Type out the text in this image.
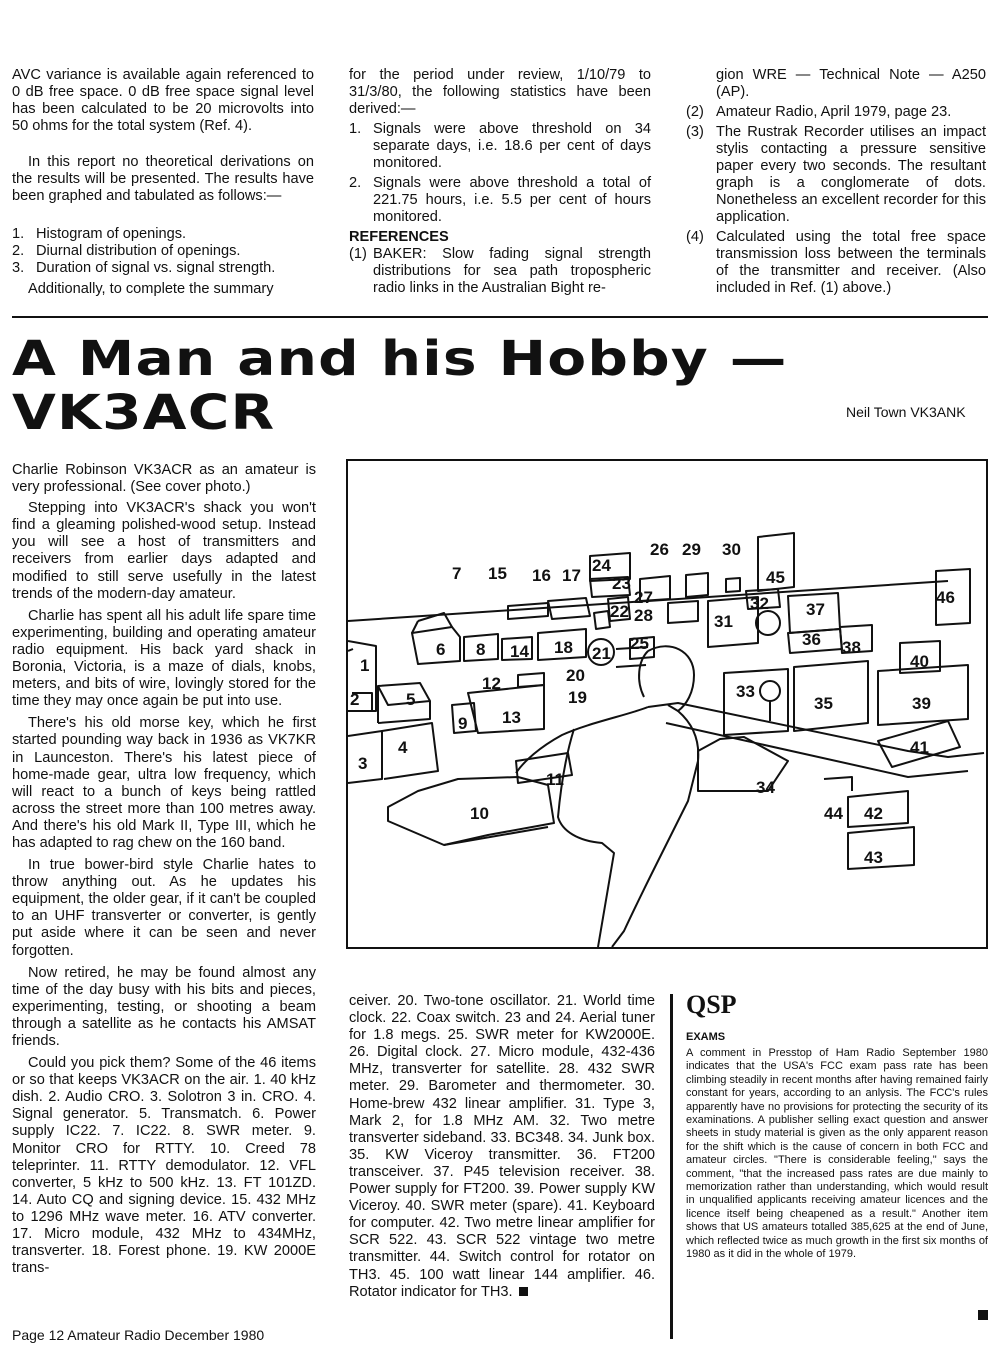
AVC variance is available again referenced to 0 dB free space. 0 dB free space signal level has been calculated to be 20 microvolts into 50 ohms for the total system (Ref. 4).

In this report no theoretical derivations on the results will be presented. The results have been graphed and tabulated as follows:—

1. Histogram of openings.
2. Diurnal distribution of openings.
3. Duration of signal vs. signal strength.

Additionally, to complete the summary

for the period under review, 1/10/79 to 31/3/80, the following statistics have been derived:—

1. Signals were above threshold on 34 separate days, i.e. 18.6 per cent of days monitored.
2. Signals were above threshold a total of 221.75 hours, i.e. 5.5 per cent of hours monitored.
REFERENCES
(1) BAKER: Slow fading signal strength distributions for sea path tropospheric radio links in the Australian Bight re-

gion WRE — Technical Note — A250 (AP).

(2) Amateur Radio, April 1979, page 23.
(3) The Rustrak Recorder utilises an impact stylis contacting a pressure sensitive paper every two seconds. The resultant graph is a conglomerate of dots. Nonetheless an excellent recorder for this application.
(4) Calculated using the total free space transmission loss between the terminals of the transmitter and receiver. (Also included in Ref. (1) above.)
A Man and his Hobby —
VK3ACR	Neil Town VK3ANK

Charlie Robinson VK3ACR as an amateur is very professional. (See cover photo.)

Stepping into VK3ACR's shack you won't find a gleaming polished-wood setup. Instead you will see a host of transmitters and receivers from earlier days adapted and modified to still serve usefully in the latest trends of the modern-day amateur.

Charlie has spent all his adult life spare time experimenting, building and operating amateur radio equipment. His back yard shack in Boronia, Victoria, is a maze of dials, knobs, meters, and bits of wire, lovingly stored for the time they may once again be put into use.

There's his old morse key, which he first started pounding way back in 1936 as VK7KR in Launceston. There's his latest piece of home-made gear, ultra low frequency, which will react to a bunch of keys being rattled across the street more than 100 metres away. And there's his old Mark II, Type III, which he has adapted to rag chew on the 160 band.

In true bower-bird style Charlie hates to throw anything out. As he updates his equipment, the older gear, if it can't be coupled to an UHF transverter or converter, is gently put aside where it can be seen and never forgotten.

Now retired, he may be found almost any time of the day busy with his bits and pieces, experimenting, testing, or shooting a beam through a satellite as he contacts his AMSAT friends.

Could you pick them? Some of the 46 items or so that keeps VK3ACR on the air. 1. 40 kHz dish. 2. Audio CRO. 3. Solotron 3 in. CRO. 4. Signal generator. 5. Transmatch. 6. Power supply IC22. 7. IC22. 8. SWR meter. 9. Monitor CRO for RTTY. 10. Creed 78 teleprinter. 11. RTTY demodulator. 12. VFL converter, 5 kHz to 500 kHz. 13. FT 101ZD. 14. Auto CQ and signing device. 15. 432 MHz to 1296 MHz wave meter. 16. ATV converter. 17. Micro module, 432 MHz to 434MHz, transverter. 18. Forest phone. 19. KW 2000E trans-

ceiver. 20. Two-tone oscillator. 21. World time clock. 22. Coax switch. 23 and 24. Aerial tuner for 1.8 megs. 25. SWR meter for KW2000E. 26. Digital clock. 27. Micro module, 432-436 MHz, transverter for satellite. 28. 432 SWR meter. 29. Barometer and thermometer. 30. Home-brew 432 linear amplifier. 31. Type 3, Mark 2, for 1.8 MHz AM. 32. Two metre transverter sideband. 33. BC348. 34. Junk box. 35. KW Viceroy transmitter. 36. FT200 transceiver. 37. P45 television receiver. 38. Power supply for FT200. 39. Power supply KW Viceroy. 40. SWR meter (spare). 41. Keyboard for computer. 42. Two metre linear amplifier for SCR 522. 43. SCR 522 vintage two metre transmitter. 44. Switch control for rotator on TH3. 45. 100 watt linear 144 amplifier. 46. Rotator indicator for TH3.

1
2
3
4
5
6
7
8
9
10
11
12
13
14
15 16 17
18
19
20
21
22
23
24
25
26
27
28
29 30
31
32
33
34
35
36
37
38
39
40
41
42
43
44
45
46
QSP
EXAMS

A comment in Presstop of Ham Radio September 1980 indicates that the USA's FCC exam pass rate has been climbing steadily in recent months after having remained fairly constant for years, according to an anlysis. The FCC's rules apparently have no provisions for protecting the security of its examinations. A publisher selling exact question and answer sheets in study material is given as the only apparent reason for the shift which is the cause of concern in both FCC and amateur circles. "There is considerable feeling," says the comment, "that the increased pass rates are due mainly to memorization rather than understanding, which would result in unqualified applicants receiving amateur licences and the licence itself being cheapened as a result." Another item shows that US amateurs totalled 385,625 at the end of June, which reflected twice as much growth in the first six months of 1980 as it did in the whole of 1979.

Page 12 Amateur Radio December 1980
